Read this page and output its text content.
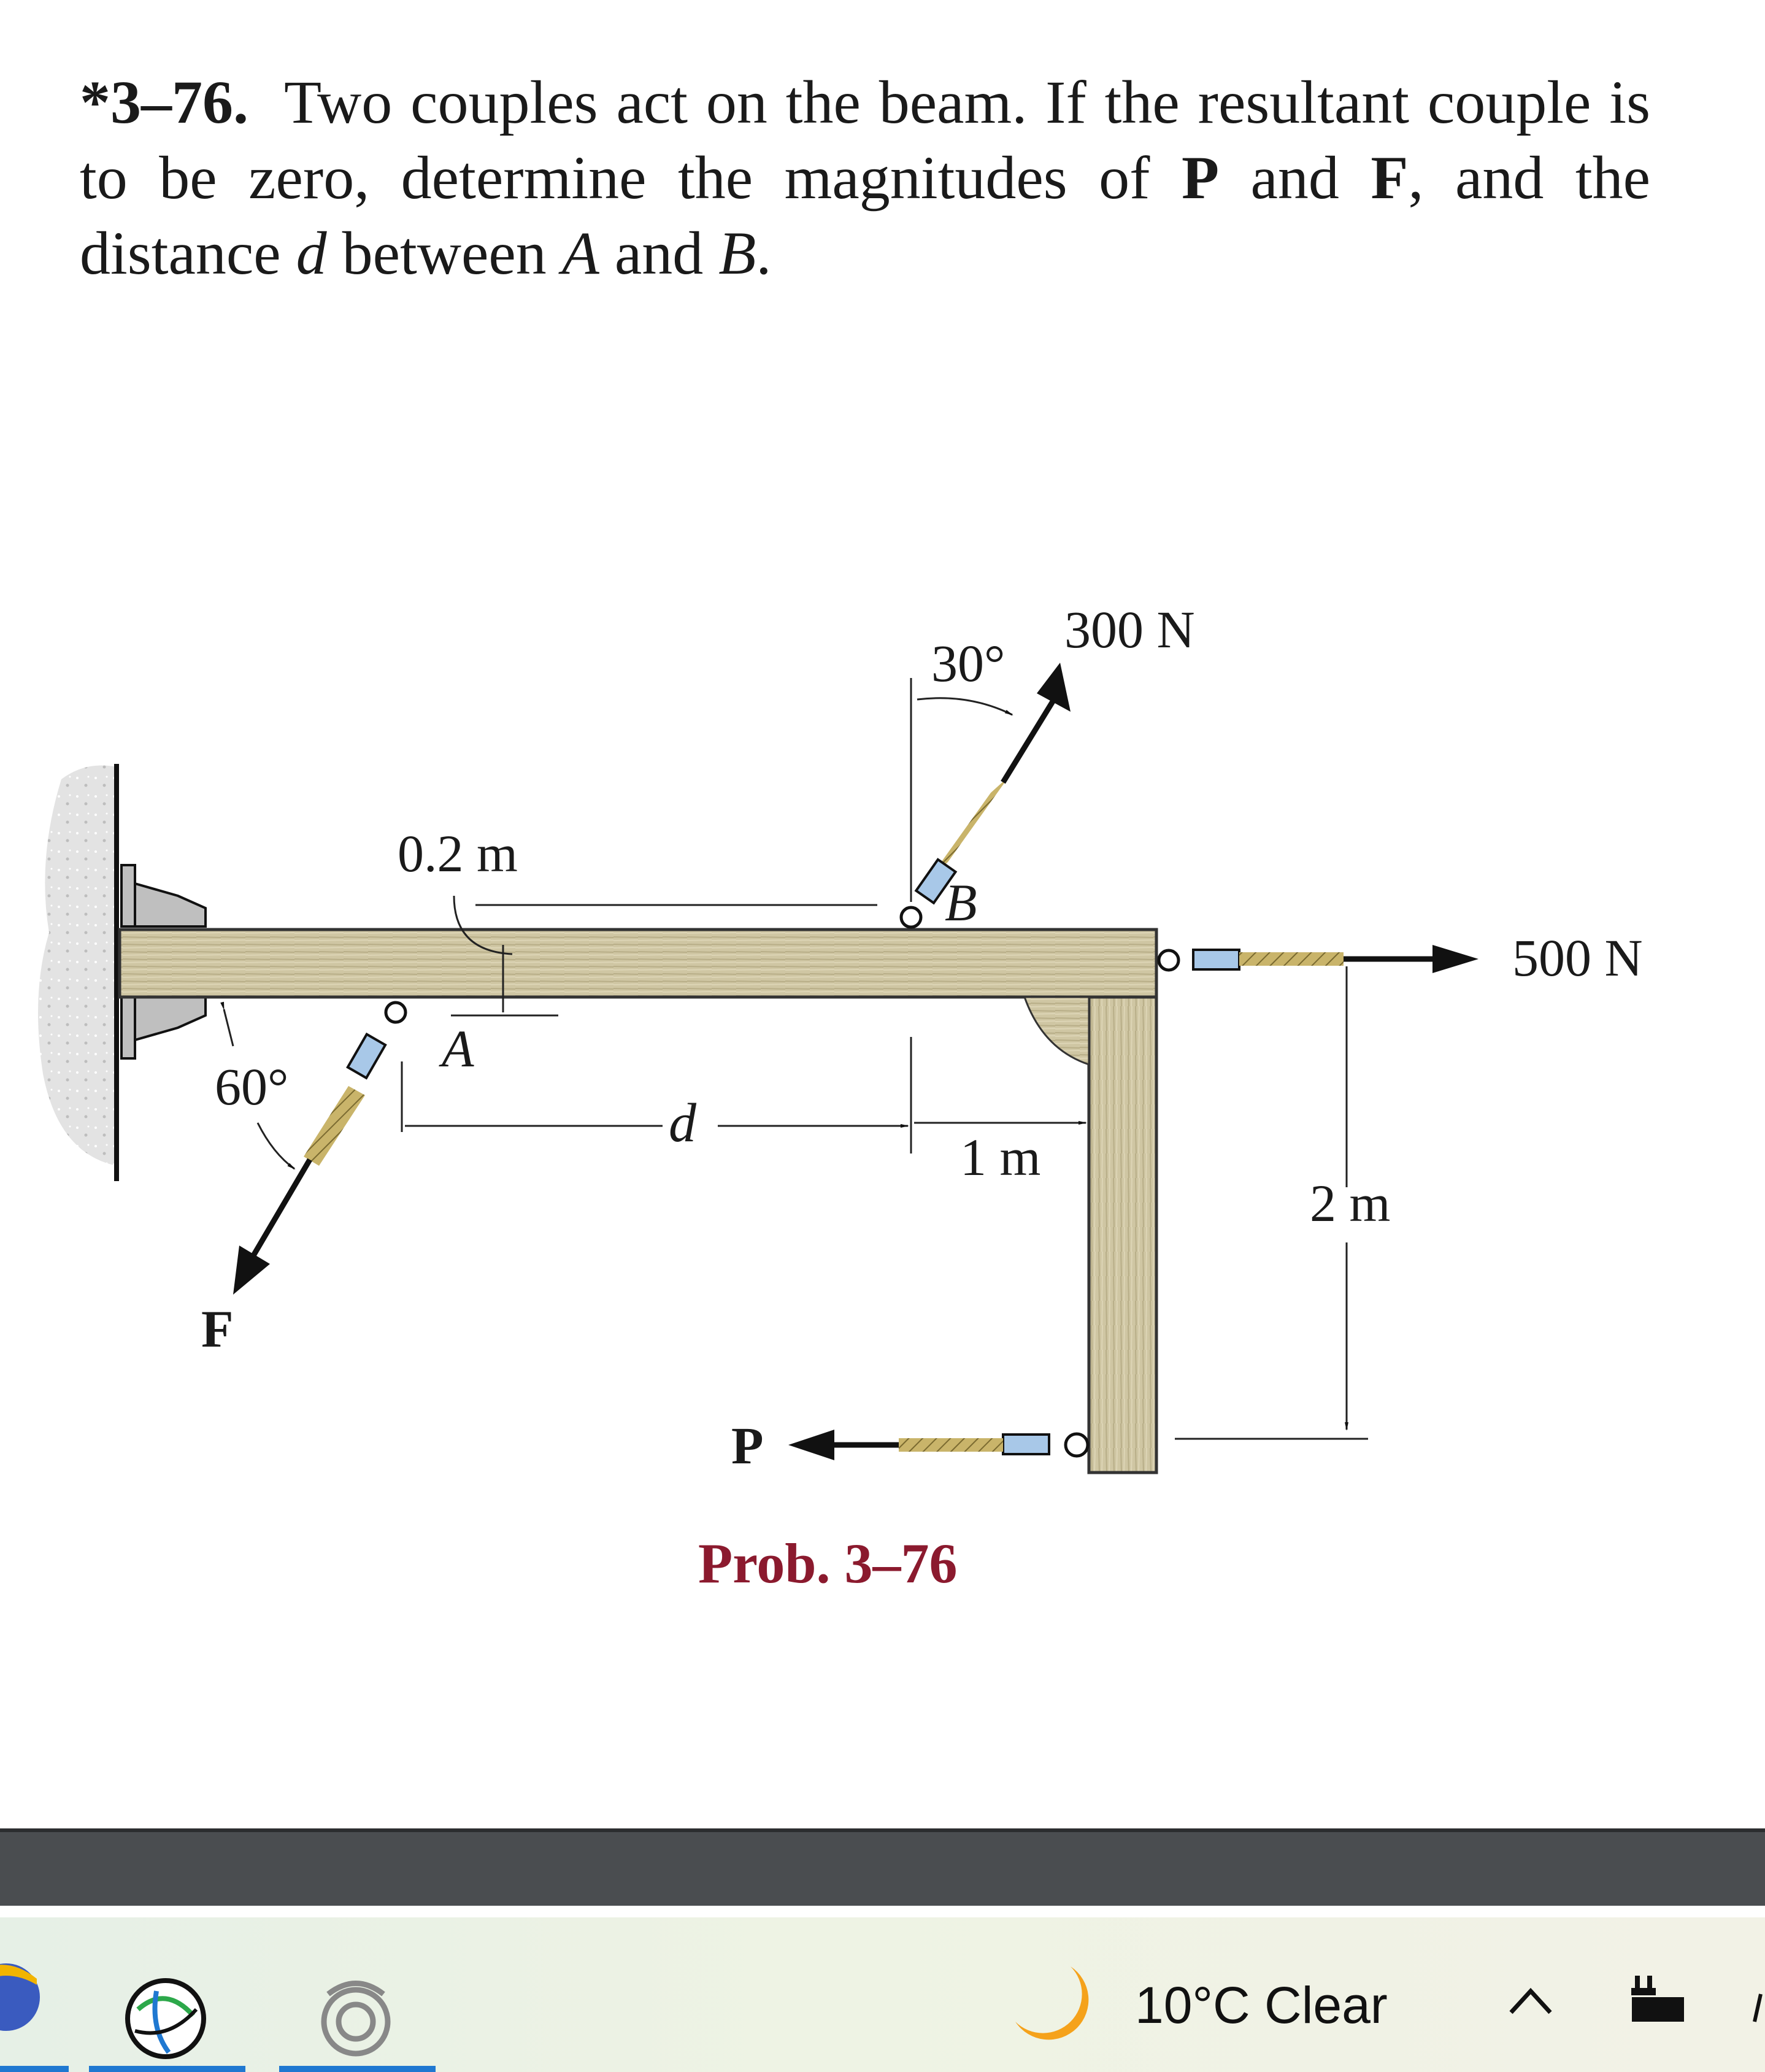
*3–76. Two couples act on the beam. If the resultant couple is to be zero, determine the magnitudes of P and F, and the distance d between A and B.
300 N
30°
B
0.2 m
500 N
A
60°
d
1 m
2 m
F
P
Prob. 3–76
10°C Clear
